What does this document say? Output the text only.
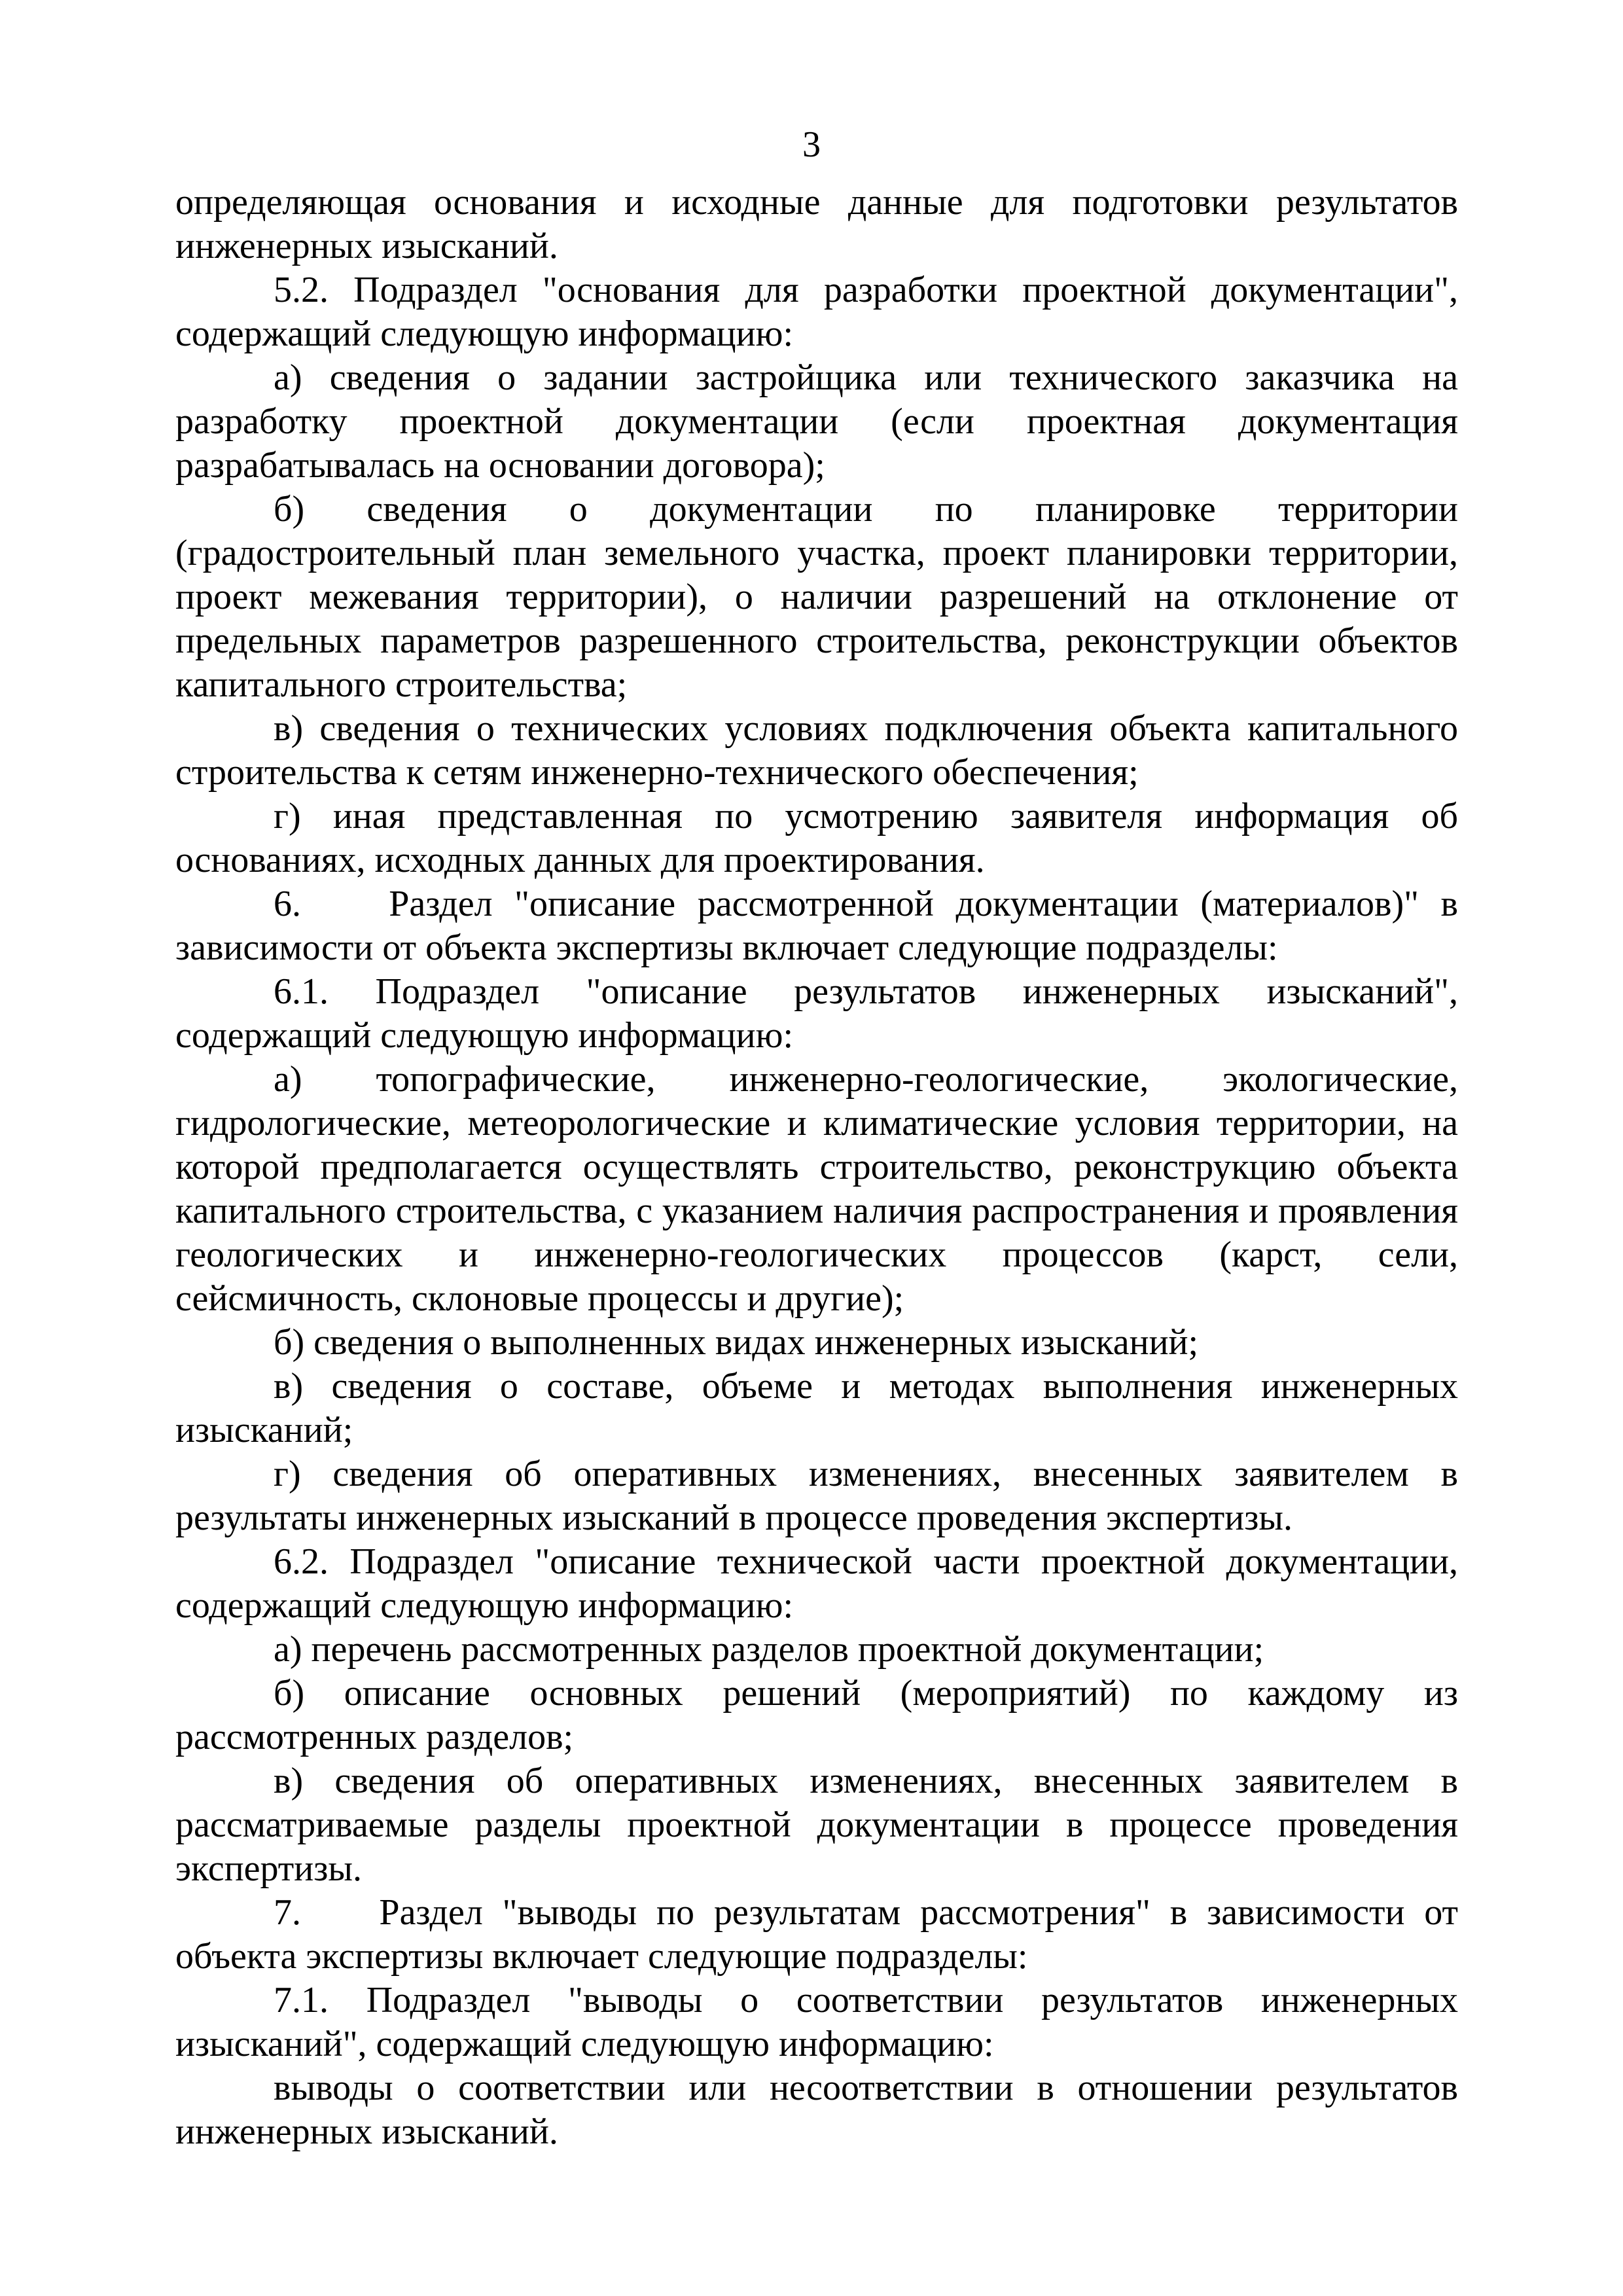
3

определяющая основания и исходные данные для подготовки результатов инженерных изысканий.

5.2. Подраздел "основания для разработки проектной документации", содержащий следующую информацию:

а) сведения о задании застройщика или технического заказчика на разработку проектной документации (если проектная документация разрабатывалась на основании договора);

б) сведения о документации по планировке территории (градостроительный план земельного участка, проект планировки территории, проект межевания территории), о наличии разрешений на отклонение от предельных параметров разрешенного строительства, реконструкции объектов капитального строительства;

в) сведения о технических условиях подключения объекта капитального строительства к сетям инженерно-технического обеспечения;

г) иная представленная по усмотрению заявителя информация об основаниях, исходных данных для проектирования.

6.    Раздел "описание рассмотренной документации (материалов)" в зависимости от объекта экспертизы включает следующие подразделы:

6.1. Подраздел "описание результатов инженерных изысканий", содержащий следующую информацию:

а) топографические, инженерно-геологические, экологические, гидрологические, метеорологические и климатические условия территории, на которой предполагается осуществлять строительство, реконструкцию объекта капитального строительства, с указанием наличия распространения и проявления геологических и инженерно-геологических процессов (карст, сели, сейсмичность, склоновые процессы и другие);

б) сведения о выполненных видах инженерных изысканий;

в) сведения о составе, объеме и методах выполнения инженерных изысканий;

г) сведения об оперативных изменениях, внесенных заявителем в результаты инженерных изысканий в процессе проведения экспертизы.

6.2. Подраздел "описание технической части проектной документации, содержащий следующую информацию:

а) перечень рассмотренных разделов проектной документации;

б) описание основных решений (мероприятий) по каждому из рассмотренных разделов;

в) сведения об оперативных изменениях, внесенных заявителем в рассматриваемые разделы проектной документации в процессе проведения экспертизы.

7.    Раздел "выводы по результатам рассмотрения" в зависимости от объекта экспертизы включает следующие подразделы:

7.1. Подраздел "выводы о соответствии результатов инженерных изысканий", содержащий следующую информацию:

выводы о соответствии или несоответствии в отношении результатов инженерных изысканий.
